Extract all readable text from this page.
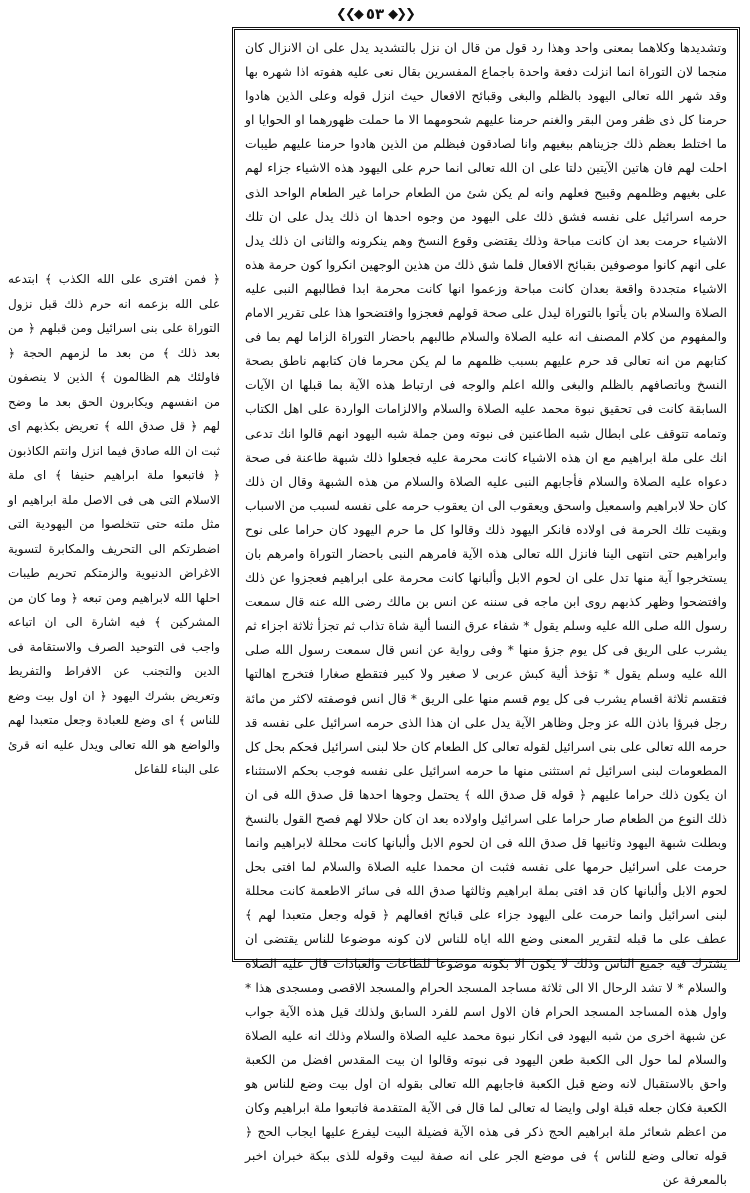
❮❮◆ ٥٣ ◆❯❯

وتشديدها وكلاهما بمعنى واحد وهذا رد قول من قال ان نزل بالتشديد يدل على ان الانزال كان منجما لان التوراة انما انزلت دفعة واحدة باجماع المفسرين بقال نعى عليه هفوته اذا شهره بها وقد شهر الله تعالى اليهود بالظلم والبغى وقبائح الافعال حيث انزل قوله وعلى الذين هادوا حرمنا كل ذى ظفر ومن البقر والغنم حرمنا عليهم شحومهما الا ما حملت ظهورهما او الحوايا او ما اختلط بعظم ذلك جزيناهم ببغيهم وانا لصادقون فبظلم من الذين هادوا حرمنا عليهم طيبات احلت لهم فان هاتين الآيتين دلتا على ان الله تعالى انما حرم على اليهود هذه الاشياء جزاء لهم على بغيهم وظلمهم وقبيح فعلهم وانه لم يكن شئ من الطعام حراما غير الطعام الواحد الذى حرمه اسرائيل على نفسه فشق ذلك على اليهود من وجوه احدها ان ذلك يدل على ان تلك الاشياء حرمت بعد ان كانت مباحة وذلك يقتضى وقوع النسخ وهم ينكرونه والثانى ان ذلك يدل على انهم كانوا موصوفين بقبائح الافعال فلما شق ذلك من هذين الوجهين انكروا كون حرمة هذه الاشياء متجددة واقعة بعدان كانت مباحة وزعموا انها كانت محرمة ابدا فطالبهم النبى عليه الصلاة والسلام بان يأتوا بالتوراة ليدل على صحة قولهم فعجزوا وافتضحوا هذا على تقرير الامام والمفهوم من كلام المصنف انه عليه الصلاة والسلام طالبهم باحضار التوراة الزاما لهم بما فى كتابهم من انه تعالى قد حرم عليهم بسبب ظلمهم ما لم يكن محرما فان كتابهم ناطق بصحة النسخ وباتصافهم بالظلم والبغى والله اعلم والوجه فى ارتباط هذه الآية بما قبلها ان الآيات السابقة كانت فى تحقيق نبوة محمد عليه الصلاة والسلام والالزامات الواردة على اهل الكتاب وتمامه تتوقف على ابطال شبه الطاعنين فى نبوته ومن جملة شبه اليهود انهم قالوا انك تدعى انك على ملة ابراهيم مع ان هذه الاشياء كانت محرمة عليه فجعلوا ذلك شبهة طاعنة فى صحة دعواه عليه الصلاة والسلام فأجابهم النبى عليه الصلاة والسلام من هذه الشبهة وقال ان ذلك كان حلا لابراهيم واسمعيل واسحق ويعقوب الى ان يعقوب حرمه على نفسه لسبب من الاسباب وبقيت تلك الحرمة فى اولاده فانكر اليهود ذلك وقالوا كل ما حرم اليهود كان حراما على نوح وابراهيم حتى انتهى الينا فانزل الله تعالى هذه الآية فامرهم النبى باحضار التوراة وامرهم بان يستخرجوا آية منها تدل على ان لحوم الابل وألبانها كانت محرمة على ابراهيم فعجزوا عن ذلك وافتضحوا وظهر كذبهم روى ابن ماجه فى سننه عن انس بن مالك رضى الله عنه قال سمعت رسول الله صلى الله عليه وسلم يقول * شفاء عرق النسا ألية شاة تذاب ثم تجزأ ثلاثة اجزاء ثم يشرب على الريق فى كل يوم جزؤ منها * وفى رواية عن انس قال سمعت رسول الله صلى الله عليه وسلم يقول * تؤخذ ألية كبش عربى لا صغير ولا كبير فتقطع صغارا فتخرج اهالتها فتقسم ثلاثة اقسام يشرب فى كل يوم قسم منها على الريق * قال انس فوصفته لاكثر من مائة رجل فبرؤا باذن الله عز وجل وظاهر الآية يدل على ان هذا الذى حرمه اسرائيل على نفسه قد حرمه الله تعالى على بنى اسرائيل لقوله تعالى كل الطعام كان حلا لبنى اسرائيل فحكم بحل كل المطعومات لبنى اسرائيل ثم استثنى منها ما حرمه اسرائيل على نفسه فوجب بحكم الاستثناء ان يكون ذلك حراما عليهم ﴿ قوله قل صدق الله ﴾ يحتمل وجوها احدها قل صدق الله فى ان ذلك النوع من الطعام صار حراما على اسرائيل واولاده بعد ان كان حلالا لهم فصح القول بالنسخ وبطلت شبهة اليهود وثانيها قل صدق الله فى ان لحوم الابل وألبانها كانت محللة لابراهيم وانما حرمت على اسرائيل حرمها على نفسه فثبت ان محمدا عليه الصلاة والسلام لما افتى بحل لحوم الابل وألبانها كان قد افتى بملة ابراهيم وثالثها صدق الله فى سائر الاطعمة كانت محللة لبنى اسرائيل وانما حرمت على اليهود جزاء على قبائح افعالهم ﴿ قوله وجعل متعبدا لهم ﴾ عطف على ما قبله لتقرير المعنى وضع الله اياه للناس لان كونه موضوعا للناس يقتضى ان يشترك فيه جميع الناس وذلك لا يكون الا بكونه موضوعا للطاعات والعبادات قال عليه الصلاة والسلام * لا تشد الرحال الا الى ثلاثة مساجد المسجد الحرام والمسجد الاقصى ومسجدى هذا * واول هذه المساجد المسجد الحرام فان الاول اسم للفرد السابق ولذلك قيل هذه الآية جواب عن شبهة اخرى من شبه اليهود فى انكار نبوة محمد عليه الصلاة والسلام وذلك انه عليه الصلاة والسلام لما حول الى الكعبة طعن اليهود فى نبوته وقالوا ان بيت المقدس افضل من الكعبة واحق بالاستقبال لانه وضع قبل الكعبة فاجابهم الله تعالى بقوله ان اول بيت وضع للناس هو الكعبة فكان جعله قبلة اولى وايضا له تعالى لما قال فى الآية المتقدمة فاتبعوا ملة ابراهيم وكان من اعظم شعائر ملة ابراهيم الحج ذكر فى هذه الآية فضيلة البيت ليفرع عليها ايجاب الحج ﴿ قوله تعالى وضع للناس ﴾ فى موضع الجر على انه صفة لبيت وقوله للذى ببكة خبران اخبر بالمعرفة عن

﴿ فمن افترى على الله الكذب ﴾ ابتدعه على الله بزعمه انه حرم ذلك قبل نزول التوراة على بنى اسرائيل ومن قبلهم ﴿ من بعد ذلك ﴾ من بعد ما لزمهم الحجة ﴿ فاولئك هم الظالمون ﴾ الذين لا ينصفون من انفسهم ويكابرون الحق بعد ما وضح لهم ﴿ قل صدق الله ﴾ تعريض بكذبهم اى ثبت ان الله صادق فيما انزل وانتم الكاذبون ﴿ فاتبعوا ملة ابراهيم حنيفا ﴾ اى ملة الاسلام التى هى فى الاصل ملة ابراهيم او مثل ملته حتى تتخلصوا من اليهودية التى اضطرتكم الى التحريف والمكابرة لتسوية الاغراض الدنيوية والزمتكم تحريم طيبات احلها الله لابراهيم ومن تبعه ﴿ وما كان من المشركين ﴾ فيه اشارة الى ان اتباعه واجب فى التوحيد الصرف والاستقامة فى الدين والتجنب عن الافراط والتفريط وتعريض بشرك اليهود ﴿ ان اول بيت وضع للناس ﴾ اى وضع للعبادة وجعل متعبدا لهم والواضع هو الله تعالى ويدل عليه انه قرئ على البناء للفاعل
